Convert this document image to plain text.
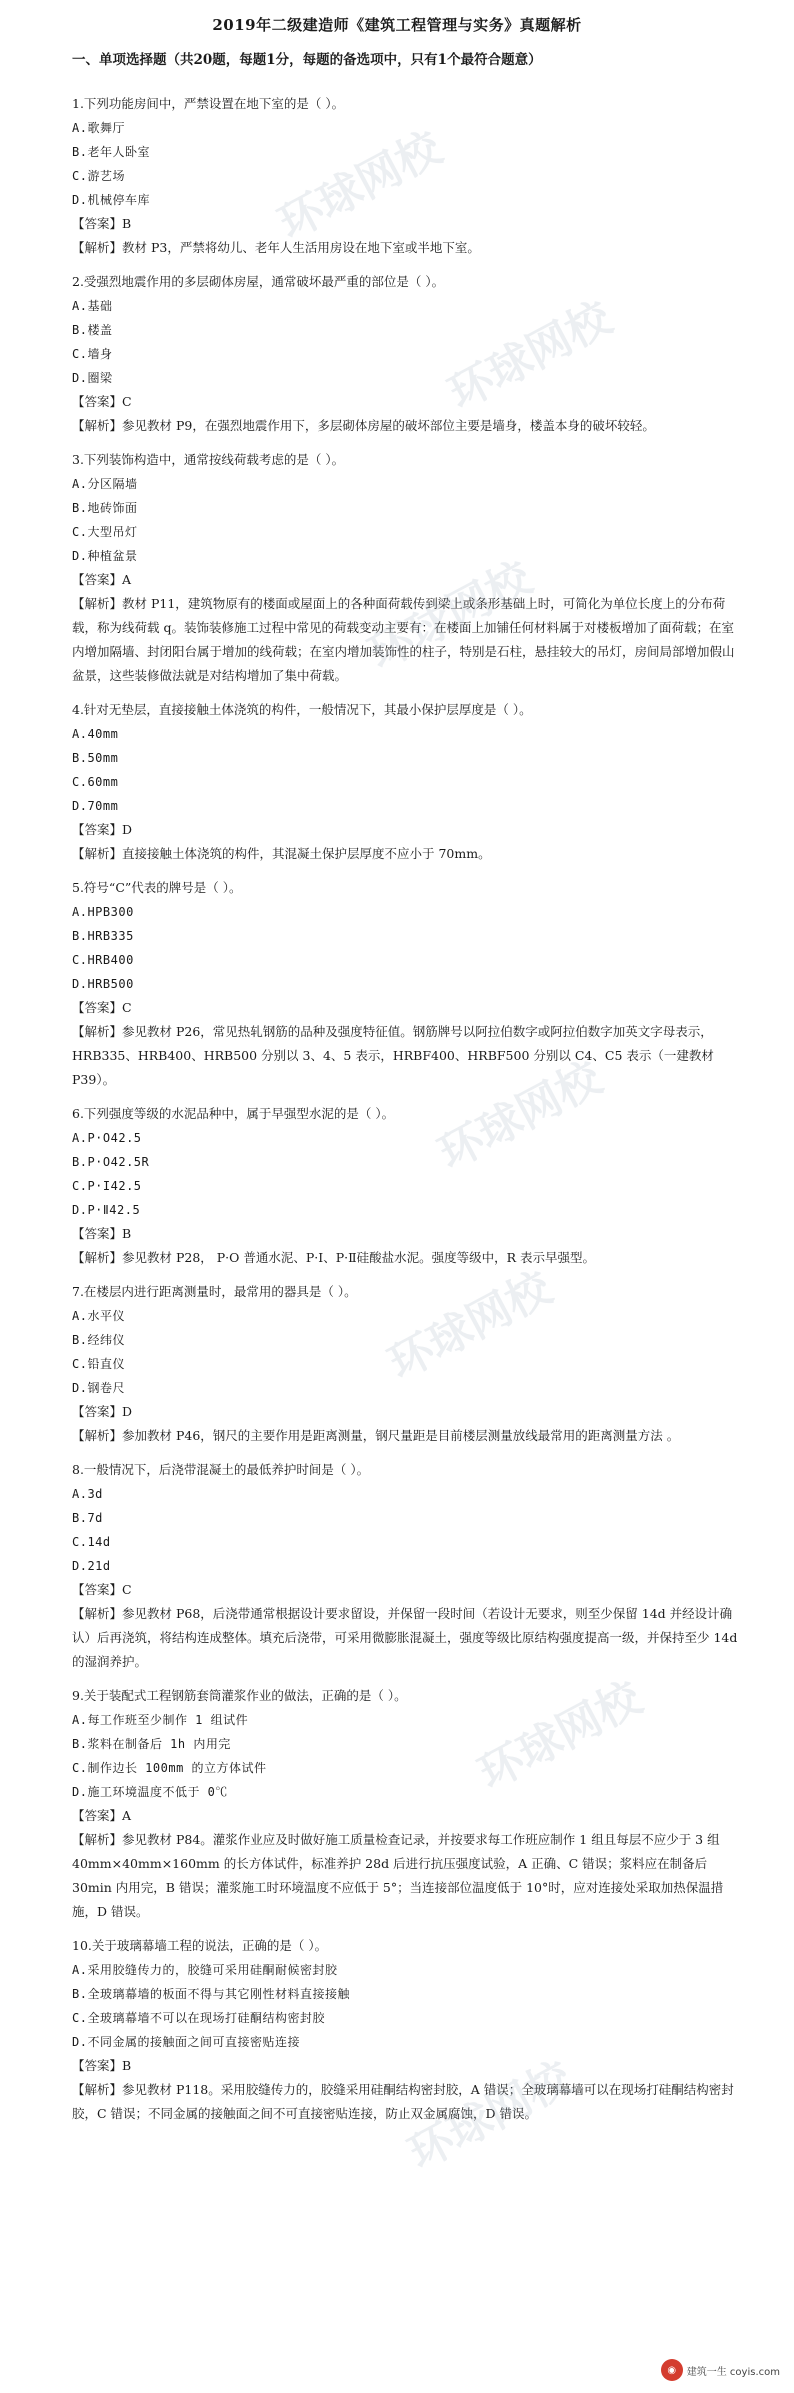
2019年二级建造师《建筑工程管理与实务》真题解析
一、单项选择题（共20题，每题1分，每题的备选项中，只有1个最符合题意）

1.下列功能房间中，严禁设置在地下室的是（ ）。

A.歌舞厅

B.老年人卧室

C.游艺场

D.机械停车库

【答案】B

【解析】教材 P3，严禁将幼儿、老年人生活用房设在地下室或半地下室。

2.受强烈地震作用的多层砌体房屋，通常破坏最严重的部位是（ ）。

A.基础

B.楼盖

C.墙身

D.圈梁

【答案】C

【解析】参见教材 P9，在强烈地震作用下，多层砌体房屋的破坏部位主要是墙身，楼盖本身的破坏较轻。

3.下列装饰构造中，通常按线荷载考虑的是（ ）。

A.分区隔墙

B.地砖饰面

C.大型吊灯

D.种植盆景

【答案】A

【解析】教材 P11，建筑物原有的楼面或屋面上的各种面荷载传到梁上或条形基础上时，可简化为单位长度上的分布荷载，称为线荷载 q。装饰装修施工过程中常见的荷载变动主要有：在楼面上加铺任何材料属于对楼板增加了面荷载；在室内增加隔墙、封闭阳台属于增加的线荷载；在室内增加装饰性的柱子，特别是石柱，悬挂较大的吊灯，房间局部增加假山盆景，这些装修做法就是对结构增加了集中荷载。

4.针对无垫层，直接接触土体浇筑的构件，一般情况下，其最小保护层厚度是（ ）。

A.40mm

B.50mm

C.60mm

D.70mm

【答案】D

【解析】直接接触土体浇筑的构件，其混凝土保护层厚度不应小于 70mm。

5.符号“C”代表的牌号是（ ）。

A.HPB300

B.HRB335

C.HRB400

D.HRB500

【答案】C

【解析】参见教材 P26，常见热轧钢筋的品种及强度特征值。钢筋牌号以阿拉伯数字或阿拉伯数字加英文字母表示，HRB335、HRB400、HRB500 分别以 3、4、5 表示，HRBF400、HRBF500 分别以 C4、C5 表示（一建教材 P39）。

6.下列强度等级的水泥品种中，属于早强型水泥的是（ ）。

A.P·O42.5

B.P·O42.5R

C.P·I42.5

D.P·Ⅱ42.5

【答案】B

【解析】参见教材 P28， P·O 普通水泥、P·I、P·Ⅱ硅酸盐水泥。强度等级中，R 表示早强型。

7.在楼层内进行距离测量时，最常用的器具是（ ）。

A.水平仪

B.经纬仪

C.铅直仪

D.钢卷尺

【答案】D

【解析】参加教材 P46，钢尺的主要作用是距离测量，钢尺量距是目前楼层测量放线最常用的距离测量方法 。

8.一般情况下，后浇带混凝土的最低养护时间是（ ）。

A.3d

B.7d

C.14d

D.21d

【答案】C

【解析】参见教材 P68，后浇带通常根据设计要求留设，并保留一段时间（若设计无要求，则至少保留 14d 并经设计确认）后再浇筑，将结构连成整体。填充后浇带，可采用微膨胀混凝土，强度等级比原结构强度提高一级，并保持至少 14d 的湿润养护。

9.关于装配式工程钢筋套筒灌浆作业的做法，正确的是（ ）。

A.每工作班至少制作 1 组试件

B.浆料在制备后 1h 内用完

C.制作边长 100mm 的立方体试件

D.施工环境温度不低于 0℃

【答案】A

【解析】参见教材 P84。灌浆作业应及时做好施工质量检查记录，并按要求每工作班应制作 1 组且每层不应少于 3 组 40mm×40mm×160mm 的长方体试件，标准养护 28d 后进行抗压强度试验，A 正确、C 错误；浆料应在制备后 30min 内用完，B 错误；灌浆施工时环境温度不应低于 5°；当连接部位温度低于 10°时，应对连接处采取加热保温措施，D 错误。

10.关于玻璃幕墙工程的说法，正确的是（ ）。

A.采用胶缝传力的，胶缝可采用硅酮耐候密封胶

B.全玻璃幕墙的板面不得与其它刚性材料直接接触

C.全玻璃幕墙不可以在现场打硅酮结构密封胶

D.不同金属的接触面之间可直接密贴连接

【答案】B

【解析】参见教材 P118。采用胶缝传力的，胶缝采用硅酮结构密封胶，A 错误；全玻璃幕墙可以在现场打硅酮结构密封胶，C 错误；不同金属的接触面之间不可直接密贴连接，防止双金属腐蚀，D 错误。

环球网校
环球网校
环球网校
环球网校
环球网校
环球网校
环球网校
◉	建筑一生 coyis.com
